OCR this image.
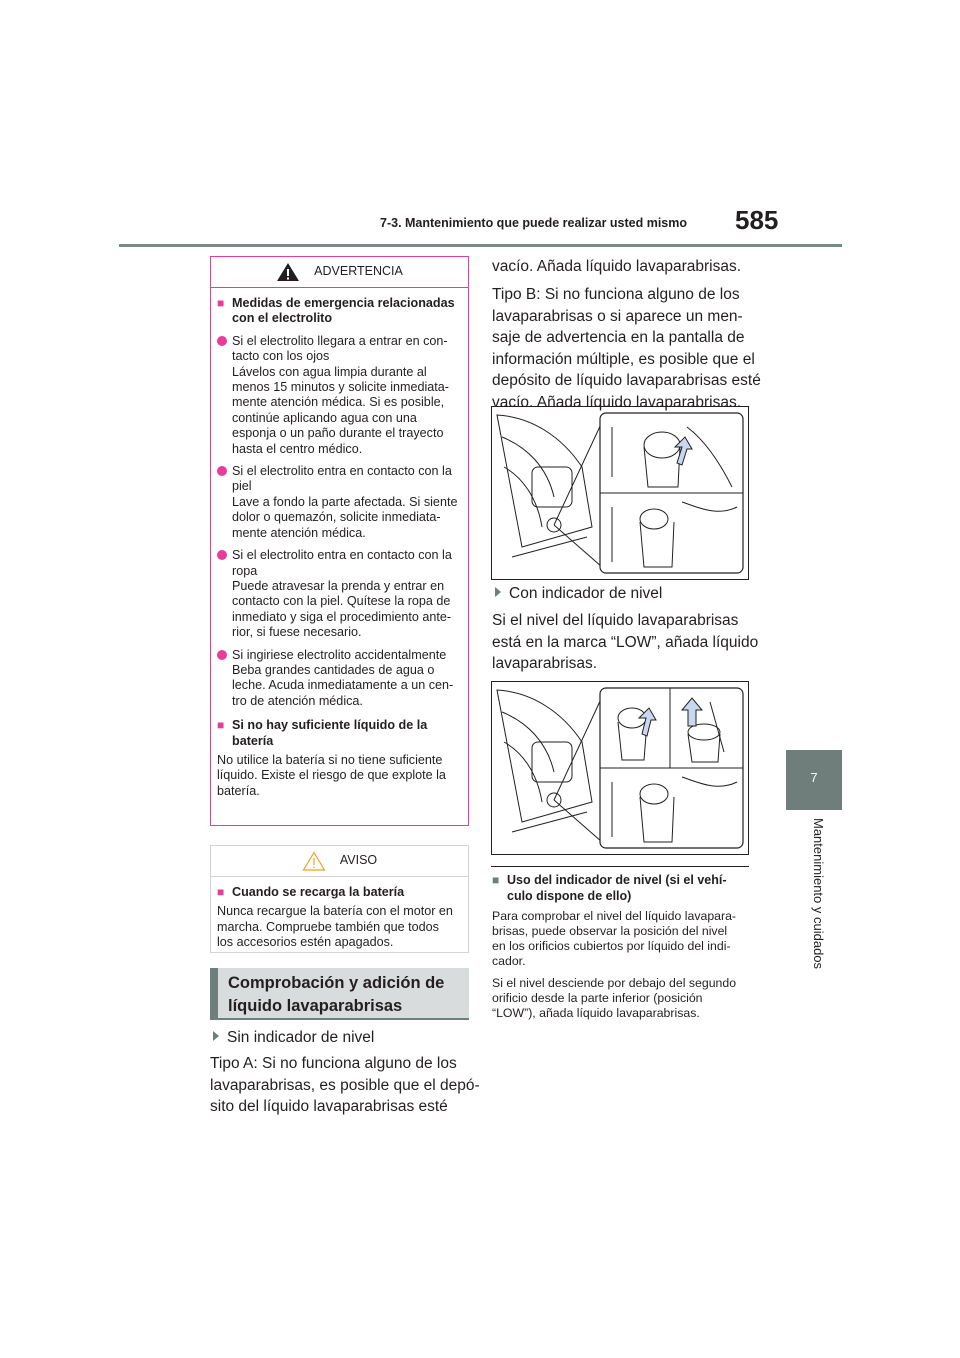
7-3. Mantenimiento que puede realizar usted mismo 585
7
Mantenimiento y cuidados
ADVERTENCIA
■ Medidas de emergencia relacionadas
con el electrolito
Si el electrolito llegara a entrar en con-
tacto con los ojos
Lávelos con agua limpia durante al
menos 15 minutos y solicite inmediata-
mente atención médica. Si es posible,
continúe aplicando agua con una
esponja o un paño durante el trayecto
hasta el centro médico.
Si el electrolito entra en contacto con la
piel
Lave a fondo la parte afectada. Si siente
dolor o quemazón, solicite inmediata-
mente atención médica.
Si el electrolito entra en contacto con la
ropa
Puede atravesar la prenda y entrar en
contacto con la piel. Quítese la ropa de
inmediato y siga el procedimiento ante-
rior, si fuese necesario.
Si ingiriese electrolito accidentalmente
Beba grandes cantidades de agua o
leche. Acuda inmediatamente a un cen-
tro de atención médica.
■ Si no hay suficiente líquido de la
batería
No utilice la batería si no tiene suficiente
líquido. Existe el riesgo de que explote la
batería.
AVISO
■ Cuando se recarga la batería
Nunca recargue la batería con el motor en
marcha. Compruebe también que todos
los accesorios estén apagados.
Comprobación y adición de
líquido lavaparabrisas
Sin indicador de nivel
Tipo A: Si no funciona alguno de los
lavaparabrisas, es posible que el depó-
sito del líquido lavaparabrisas esté
vacío. Añada líquido lavaparabrisas.
Tipo B: Si no funciona alguno de los
lavaparabrisas o si aparece un men-
saje de advertencia en la pantalla de
información múltiple, es posible que el
depósito de líquido lavaparabrisas esté
vacío. Añada líquido lavaparabrisas.
Con indicador de nivel
Si el nivel del líquido lavaparabrisas
está en la marca “LOW”, añada líquido
lavaparabrisas.
■ Uso del indicador de nivel (si el vehí-
culo dispone de ello)
Para comprobar el nivel del líquido lavapara-
brisas, puede observar la posición del nivel
en los orificios cubiertos por líquido del indi-
cador.
Si el nivel desciende por debajo del segundo
orificio desde la parte inferior (posición
“LOW”), añada líquido lavaparabrisas.
